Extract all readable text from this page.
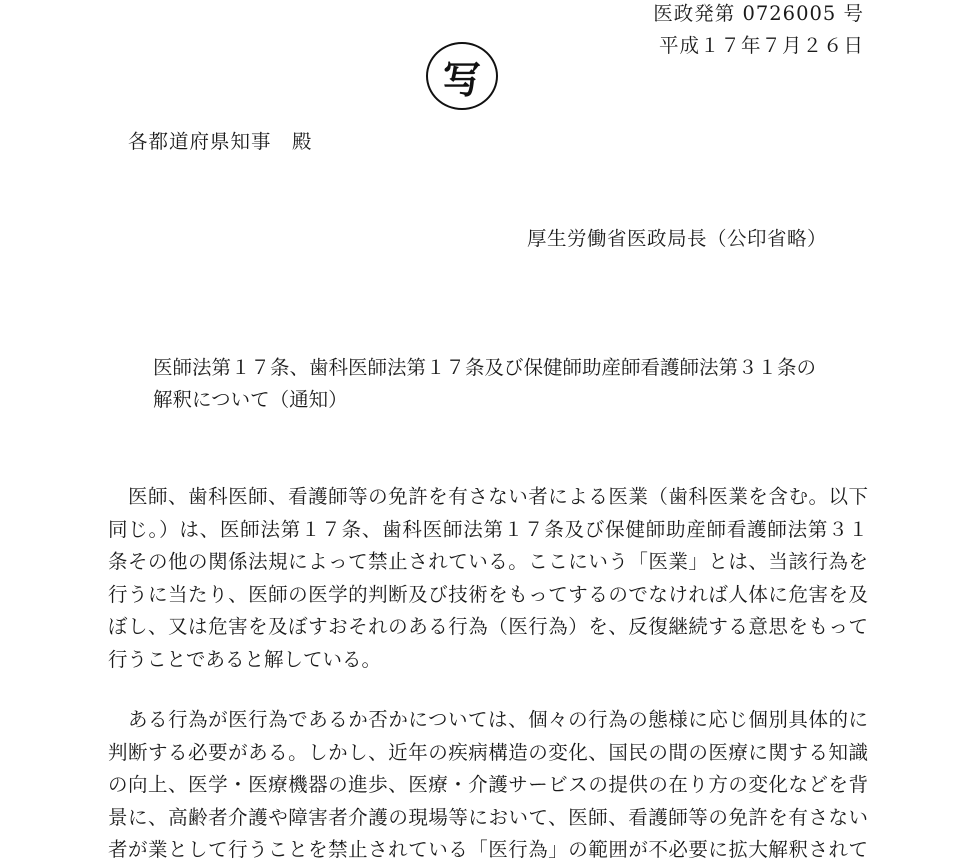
医政発第 0726005 号
平成１７年７月２６日
写
各都道府県知事　殿
厚生労働省医政局長（公印省略）
医師法第１７条、歯科医師法第１７条及び保健師助産師看護師法第３１条の
解釈について（通知）
　医師、歯科医師、看護師等の免許を有さない者による医業（歯科医業を含む。以下
同じ。）は、医師法第１７条、歯科医師法第１７条及び保健師助産師看護師法第３１
条その他の関係法規によって禁止されている。ここにいう「医業」とは、当該行為を
行うに当たり、医師の医学的判断及び技術をもってするのでなければ人体に危害を及
ぼし、又は危害を及ぼすおそれのある行為（医行為）を、反復継続する意思をもって
行うことであると解している。
　ある行為が医行為であるか否かについては、個々の行為の態様に応じ個別具体的に
判断する必要がある。しかし、近年の疾病構造の変化、国民の間の医療に関する知識
の向上、医学・医療機器の進歩、医療・介護サービスの提供の在り方の変化などを背
景に、高齢者介護や障害者介護の現場等において、医師、看護師等の免許を有さない
者が業として行うことを禁止されている「医行為」の範囲が不必要に拡大解釈されて
